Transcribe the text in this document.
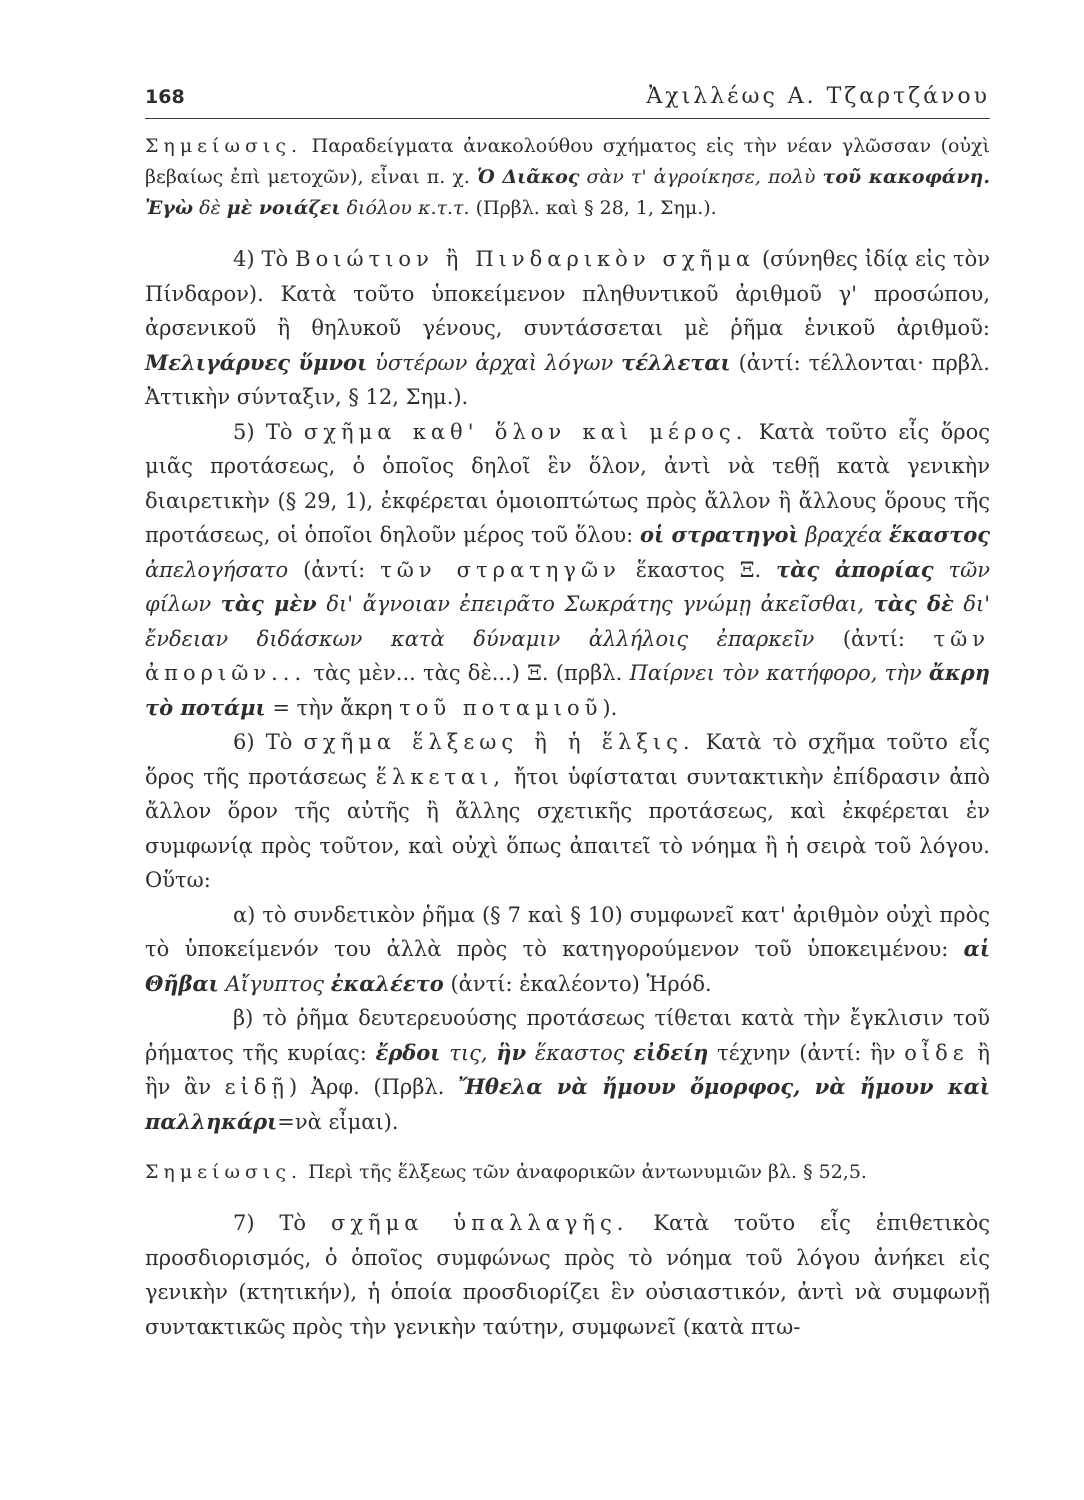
168	Ἀχιλλέως Α. Τζαρτζάνου

Σημείωσις. Παραδείγματα ἀνακολούθου σχήματος εἰς τὴν νέαν γλῶσσαν (οὐχὶ βεβαίως ἐπὶ μετοχῶν), εἶναι π. χ. Ὁ Διᾶκος σὰν τ' ἀγροίκησε, πολὺ τοῦ κακοφάνη. Ἐγὼ δὲ μὲ νοιάζει διόλου κ.τ.τ. (Πρβλ. καὶ § 28, 1, Σημ.).

4) Τὸ Βοιώτιον ἢ Πινδαρικὸν σχῆμα (σύνηθες ἰδίᾳ εἰς τὸν Πίνδαρον). Κατὰ τοῦτο ὑποκείμενον πληθυντικοῦ ἀριθμοῦ γ' προσώπου, ἀρσενικοῦ ἢ θηλυκοῦ γένους, συντάσσεται μὲ ῥῆμα ἑνικοῦ ἀριθμοῦ: Μελιγάρυες ὕμνοι ὑστέρων ἀρχαὶ λόγων τέλλεται (ἀντί: τέλλονται· πρβλ. Ἀττικὴν σύνταξιν, § 12, Σημ.).

5) Τὸ σχῆμα καθ' ὅλον καὶ μέρος. Κατὰ τοῦτο εἷς ὅρος μιᾶς προτάσεως, ὁ ὁποῖος δηλοῖ ἓν ὅλον, ἀντὶ νὰ τεθῇ κατὰ γενικὴν διαιρετικὴν (§ 29, 1), ἐκφέρεται ὁμοιοπτώτως πρὸς ἄλλον ἢ ἄλλους ὅρους τῆς προτάσεως, οἱ ὁποῖοι δηλοῦν μέρος τοῦ ὅλου: οἱ στρατηγοὶ βραχέα ἕκαστος ἀπελογήσατο (ἀντί: τῶν στρατηγῶν ἕκαστος Ξ. τὰς ἀπορίας τῶν φίλων τὰς μὲν δι' ἄγνοιαν ἐπειρᾶτο Σωκράτης γνώμῃ ἀκεῖσθαι, τὰς δὲ δι' ἔνδειαν διδάσκων κατὰ δύναμιν ἀλλήλοις ἐπαρκεῖν (ἀντί: τῶν ἀποριῶν... τὰς μὲν... τὰς δὲ...) Ξ. (πρβλ. Παίρνει τὸν κατήφορο, τὴν ἄκρη τὸ ποτάμι = τὴν ἄκρη τοῦ ποταμιοῦ).

6) Τὸ σχῆμα ἕλξεως ἢ ἡ ἕλξις. Κατὰ τὸ σχῆμα τοῦτο εἷς ὅρος τῆς προτάσεως ἕλκεται, ἤτοι ὑφίσταται συντακτικὴν ἐπίδρασιν ἀπὸ ἄλλον ὅρον τῆς αὐτῆς ἢ ἄλλης σχετικῆς προτάσεως, καὶ ἐκφέρεται ἐν συμφωνίᾳ πρὸς τοῦτον, καὶ οὐχὶ ὅπως ἀπαιτεῖ τὸ νόημα ἢ ἡ σειρὰ τοῦ λόγου. Οὕτω:

α) τὸ συνδετικὸν ῥῆμα (§ 7 καὶ § 10) συμφωνεῖ κατ' ἀριθμὸν οὐχὶ πρὸς τὸ ὑποκείμενόν του ἀλλὰ πρὸς τὸ κατηγορούμενον τοῦ ὑποκειμένου: αἱ Θῆβαι Αἴγυπτος ἐκαλέετο (ἀντί: ἐκαλέοντο) Ἡρόδ.

β) τὸ ῥῆμα δευτερευούσης προτάσεως τίθεται κατὰ τὴν ἔγκλισιν τοῦ ῥήματος τῆς κυρίας: ἔρδοι τις, ἣν ἕκαστος εἰδείη τέχνην (ἀντί: ἣν οἶδε ἢ ἣν ἂν εἰδῇ) Ἀρφ. (Πρβλ. Ἤθελα νὰ ἤμουν ὄμορφος, νὰ ἤμουν καὶ παλληκάρι=νὰ εἶμαι).

Σημείωσις. Περὶ τῆς ἕλξεως τῶν ἀναφορικῶν ἀντωνυμιῶν βλ. § 52,5.

7) Τὸ σχῆμα ὑπαλλαγῆς. Κατὰ τοῦτο εἷς ἐπιθετικὸς προσδιορισμός, ὁ ὁποῖος συμφώνως πρὸς τὸ νόημα τοῦ λόγου ἀνήκει εἰς γενικὴν (κτητικήν), ἡ ὁποία προσδιορίζει ἓν οὐσιαστικόν, ἀντὶ νὰ συμφωνῇ συντακτικῶς πρὸς τὴν γενικὴν ταύτην, συμφωνεῖ (κατὰ πτω-
